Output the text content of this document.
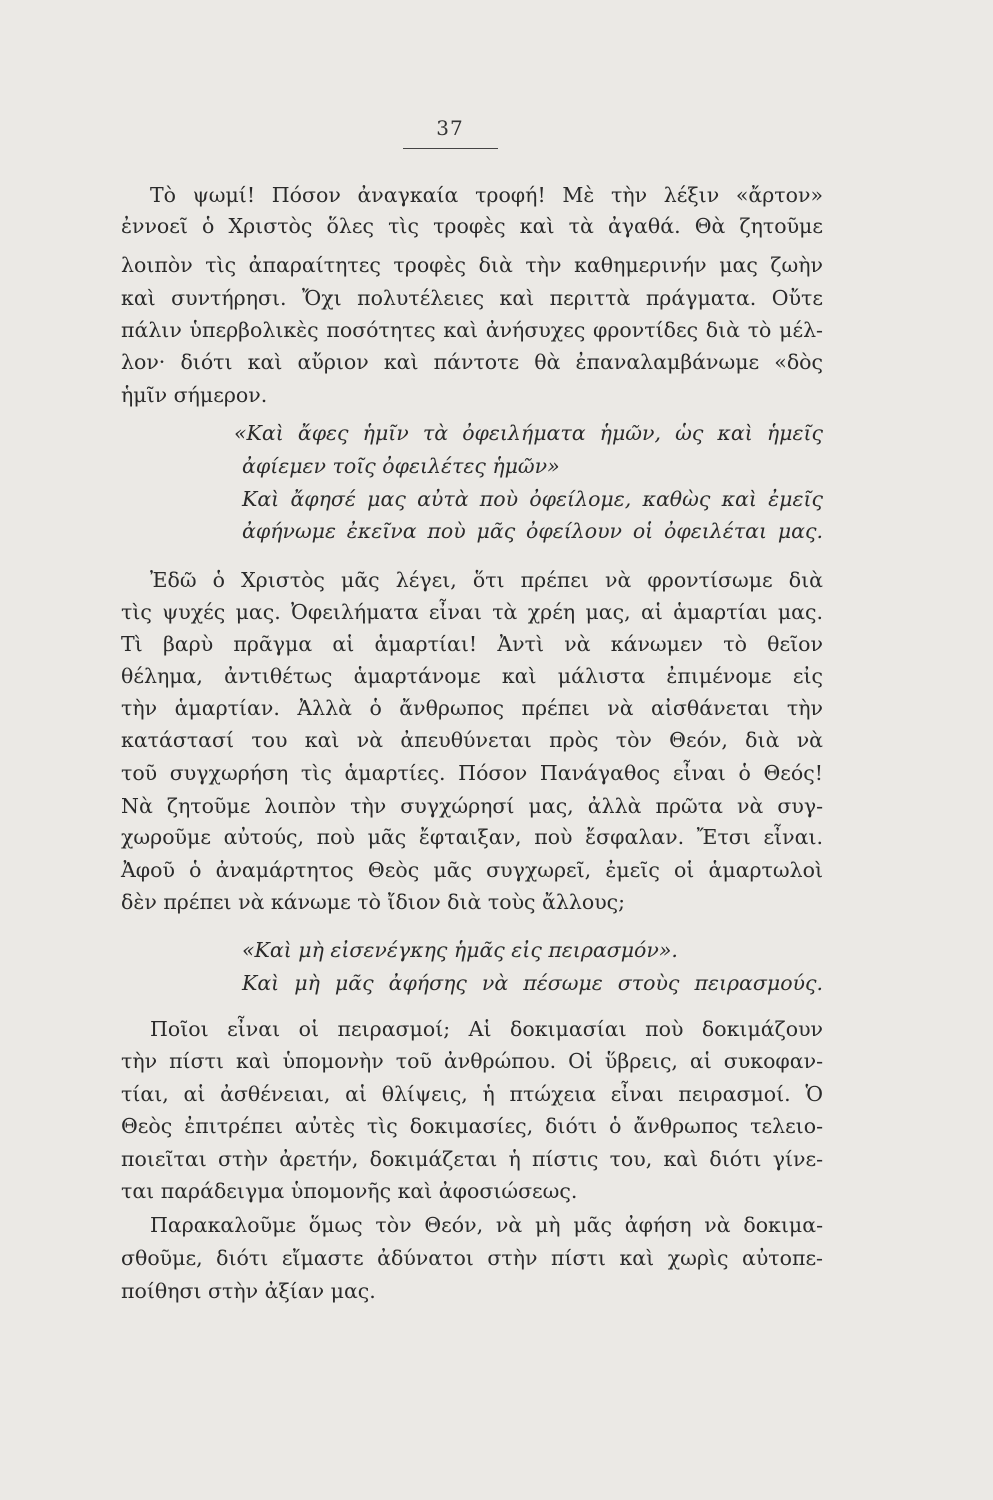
37
Τὸ ψωμί! Πόσον ἀναγκαία τροφή! Μὲ τὴν λέξιν «ἄρτον»
ἐννοεῖ ὁ Χριστὸς ὅλες τὶς τροφὲς καὶ τὰ ἀγαθά. Θὰ ζητοῦμε
λοιπὸν τὶς ἀπαραίτητες τροφὲς διὰ τὴν καθημερινήν μας ζωὴν
καὶ συντήρησι. Ὄχι πολυτέλειες καὶ περιττὰ πράγματα. Οὔτε
πάλιν ὑπερβολικὲς ποσότητες καὶ ἀνήσυχες φροντίδες διὰ τὸ μέλ-
λον· διότι καὶ αὔριον καὶ πάντοτε θὰ ἐπαναλαμβάνωμε «δὸς
ἡμῖν σήμερον.
«Καὶ ἄφες ἡμῖν τὰ ὀφειλήματα ἡμῶν, ὡς καὶ ἡμεῖς
ἀφίεμεν τοῖς ὀφειλέτες ἡμῶν»
Καὶ ἄφησέ μας αὐτὰ ποὺ ὀφείλομε, καθὼς καὶ ἐμεῖς
ἀφήνωμε ἐκεῖνα ποὺ μᾶς ὀφείλουν οἱ ὀφειλέται μας.
Ἐδῶ ὁ Χριστὸς μᾶς λέγει, ὅτι πρέπει νὰ φροντίσωμε διὰ
τὶς ψυχές μας. Ὀφειλήματα εἶναι τὰ χρέη μας, αἱ ἁμαρτίαι μας.
Τὶ βαρὺ πρᾶγμα αἱ ἁμαρτίαι! Ἀντὶ νὰ κάνωμεν τὸ θεῖον
θέλημα, ἀντιθέτως ἁμαρτάνομε καὶ μάλιστα ἐπιμένομε εἰς
τὴν ἁμαρτίαν. Ἀλλὰ ὁ ἄνθρωπος πρέπει νὰ αἰσθάνεται τὴν
κατάστασί του καὶ νὰ ἀπευθύνεται πρὸς τὸν Θεόν, διὰ νὰ
τοῦ συγχωρήση τὶς ἁμαρτίες. Πόσον Πανάγαθος εἶναι ὁ Θεός!
Νὰ ζητοῦμε λοιπὸν τὴν συγχώρησί μας, ἀλλὰ πρῶτα νὰ συγ-
χωροῦμε αὐτούς, ποὺ μᾶς ἔφταιξαν, ποὺ ἔσφαλαν. Ἔτσι εἶναι.
Ἀφοῦ ὁ ἀναμάρτητος Θεὸς μᾶς συγχωρεῖ, ἐμεῖς οἱ ἁμαρτωλοὶ
δὲν πρέπει νὰ κάνωμε τὸ ἴδιον διὰ τοὺς ἄλλους;
«Καὶ μὴ εἰσενέγκης ἡμᾶς εἰς πειρασμόν».
Καὶ μὴ μᾶς ἀφήσης νὰ πέσωμε στοὺς πειρασμούς.
Ποῖοι εἶναι οἱ πειρασμοί; Αἱ δοκιμασίαι ποὺ δοκιμάζουν
τὴν πίστι καὶ ὑπομονὴν τοῦ ἀνθρώπου. Οἱ ὕβρεις, αἱ συκοφαν-
τίαι, αἱ ἀσθένειαι, αἱ θλίψεις, ἡ πτώχεια εἶναι πειρασμοί. Ὁ
Θεὸς ἐπιτρέπει αὐτὲς τὶς δοκιμασίες, διότι ὁ ἄνθρωπος τελειο-
ποιεῖται στὴν ἀρετήν, δοκιμάζεται ἡ πίστις του, καὶ διότι γίνε-
ται παράδειγμα ὑπομονῆς καὶ ἀφοσιώσεως.
Παρακαλοῦμε ὅμως τὸν Θεόν, νὰ μὴ μᾶς ἀφήση νὰ δοκιμα-
σθοῦμε, διότι εἴμαστε ἀδύνατοι στὴν πίστι καὶ χωρὶς αὐτοπε-
ποίθησι στὴν ἀξίαν μας.
